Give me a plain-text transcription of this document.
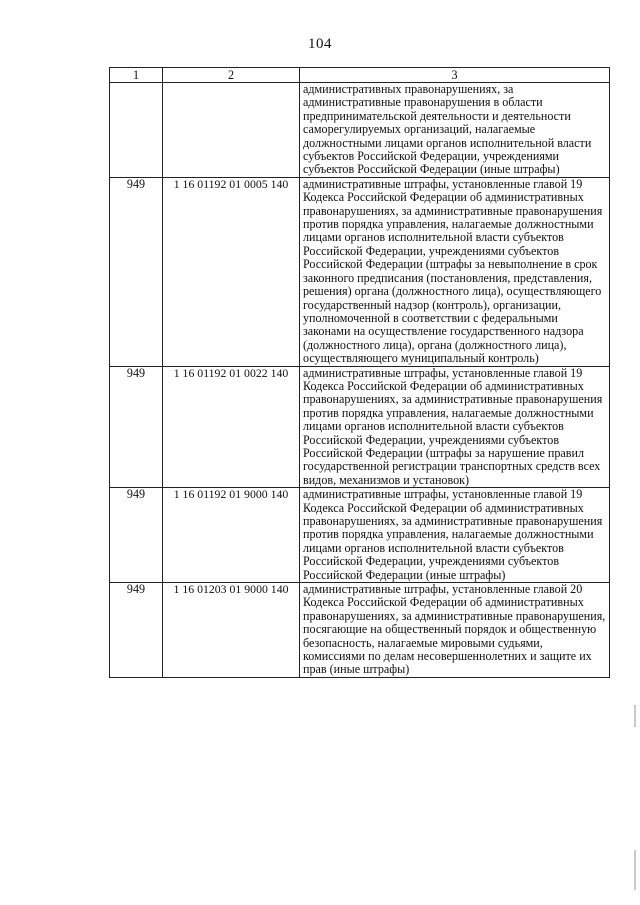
104
1	2	3
		административных правонарушениях, за административные правонарушения в области предпринимательской деятельности и деятельности саморегулируемых организаций, налагаемые должностными лицами органов исполнительной власти субъектов Российской Федерации, учреждениями субъектов Российской Федерации (иные штрафы)
949	1 16 01192 01 0005 140	административные штрафы, установленные главой 19 Кодекса Российской Федерации об административных правонарушениях, за административные правонарушения против порядка управления, налагаемые должностными лицами органов исполнительной власти субъектов Российской Федерации, учреждениями субъектов Российской Федерации (штрафы за невыполнение в срок законного предписания (постановления, представления, решения) органа (должностного лица), осуществляющего государственный надзор (контроль), организации, уполномоченной в соответствии с федеральными законами на осуществление государственного надзора (должностного лица), органа (должностного лица), осуществляющего муниципальный контроль)
949	1 16 01192 01 0022 140	административные штрафы, установленные главой 19 Кодекса Российской Федерации об административных правонарушениях, за административные правонарушения против порядка управления, налагаемые должностными лицами органов исполнительной власти субъектов Российской Федерации, учреждениями субъектов Российской Федерации (штрафы за нарушение правил государственной регистрации транспортных средств всех видов, механизмов и установок)
949	1 16 01192 01 9000 140	административные штрафы, установленные главой 19 Кодекса Российской Федерации об административных правонарушениях, за административные правонарушения против порядка управления, налагаемые должностными лицами органов исполнительной власти субъектов Российской Федерации, учреждениями субъектов Российской Федерации (иные штрафы)
949	1 16 01203 01 9000 140	административные штрафы, установленные главой 20 Кодекса Российской Федерации об административных правонарушениях, за административные правонарушения, посягающие на общественный порядок и общественную безопасность, налагаемые мировыми судьями, комиссиями по делам несовершеннолетних и защите их прав (иные штрафы)
